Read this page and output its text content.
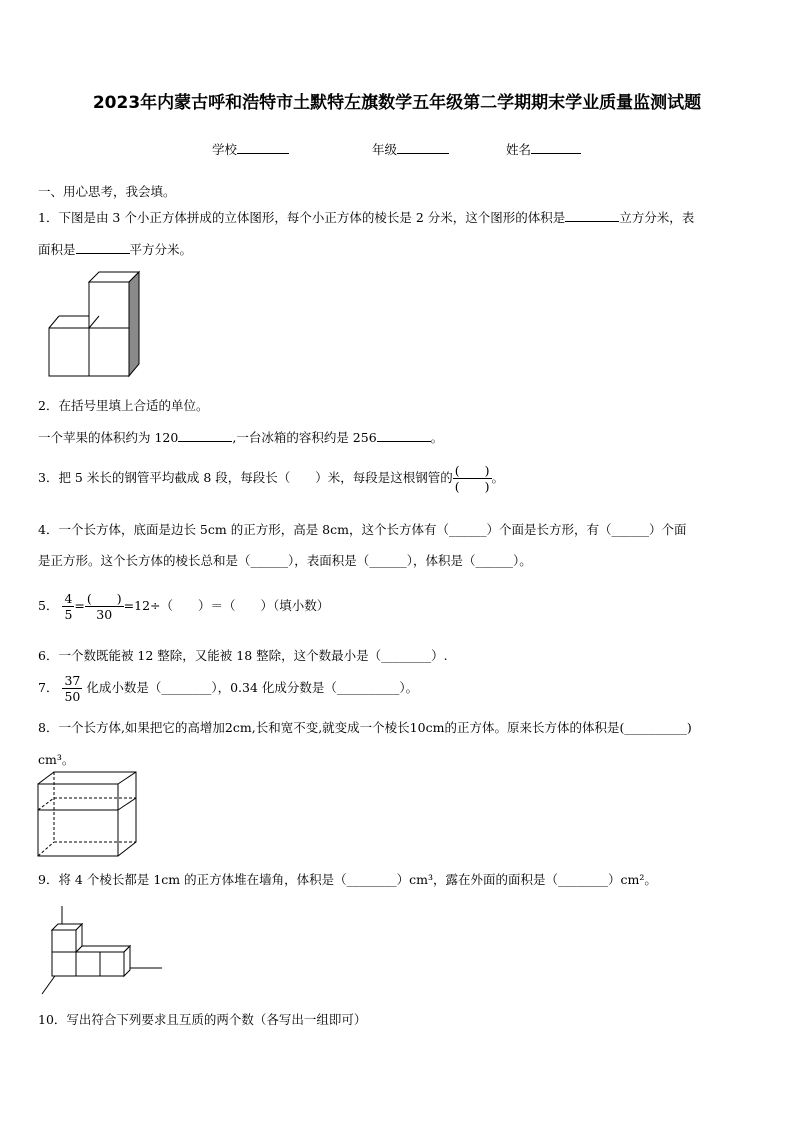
2023年内蒙古呼和浩特市土默特左旗数学五年级第二学期期末学业质量监测试题
学校	年级	姓名
一、用心思考，我会填。
1．下图是由 3 个小正方体拼成的立体图形，每个小正方体的棱长是 2 分米，这个图形的体积是	立方分米，表
面积是	平方分米。
2．在括号里填上合适的单位。
一个苹果的体积约为 120	,一台冰箱的容积约是 256	。
3．把 5 米长的钢管平均截成 8 段，每段长（　　）米，每段是这根钢管的 $\frac{( )}{( )}$ 。
4．一个长方体，底面是边长 5cm 的正方形，高是 8cm，这个长方体有（______）个面是长方形，有（______）个面
是正方形。这个长方体的棱长总和是（______），表面积是（______），体积是（______）。
5． $\frac{4}{5} = \frac{( )}{30} =12\div$（　　）＝（　　）（填小数）
6．一个数既能被 12 整除，又能被 18 整除，这个数最小是（________）.
7． $\frac{37}{50}$ 化成小数是（________），0.34 化成分数是（__________）。
8．一个长方体,如果把它的高增加2cm,长和宽不变,就变成一个棱长10cm的正方体。原来长方体的体积是(__________)
cm³。
9．将 4 个棱长都是 1cm 的正方体堆在墙角，体积是（________）cm³，露在外面的面积是（________）cm²。
10．写出符合下列要求且互质的两个数（各写出一组即可）
